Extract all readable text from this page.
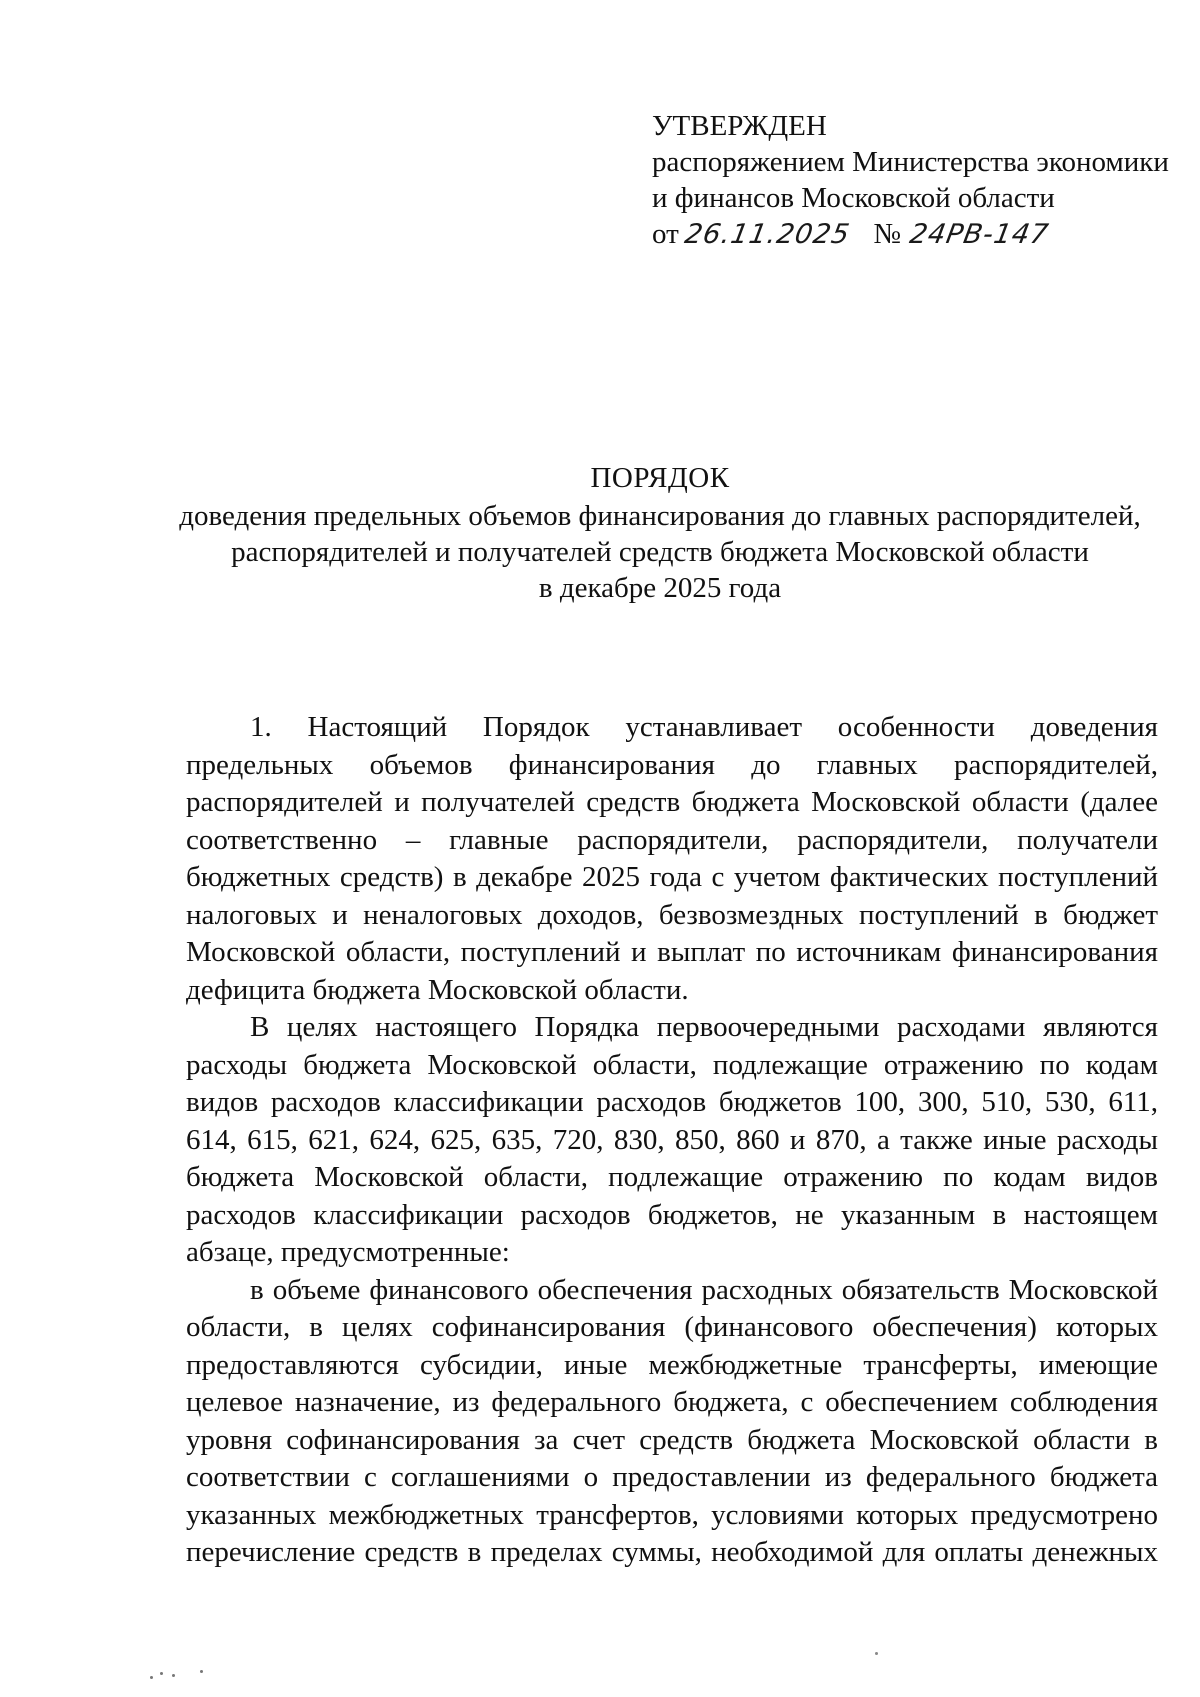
УТВЕРЖДЕН
распоряжением Министерства экономики
и финансов Московской области
от 26.11.2025 № 24РВ-147
ПОРЯДОК
доведения предельных объемов финансирования до главных распорядителей,
распорядителей и получателей средств бюджета Московской области
в декабре 2025 года

1. Настоящий Порядок устанавливает особенности доведения предельных объемов финансирования до главных распорядителей, распорядителей и получателей средств бюджета Московской области (далее соответственно – главные распорядители, распорядители, получатели бюджетных средств) в декабре 2025 года с учетом фактических поступлений налоговых и неналоговых доходов, безвозмездных поступлений в бюджет Московской области, поступлений и выплат по источникам финансирования дефицита бюджета Московской области.

В целях настоящего Порядка первоочередными расходами являются расходы бюджета Московской области, подлежащие отражению по кодам видов расходов классификации расходов бюджетов 100, 300, 510, 530, 611, 614, 615, 621, 624, 625, 635, 720, 830, 850, 860 и 870, а также иные расходы бюджета Московской области, подлежащие отражению по кодам видов расходов классификации расходов бюджетов, не указанным в настоящем абзаце, предусмотренные:

в объеме финансового обеспечения расходных обязательств Московской области, в целях софинансирования (финансового обеспечения) которых предоставляются субсидии, иные межбюджетные трансферты, имеющие целевое назначение, из федерального бюджета, с обеспечением соблюдения уровня софинансирования за счет средств бюджета Московской области в соответствии с соглашениями о предоставлении из федерального бюджета указанных межбюджетных трансфертов, условиями которых предусмотрено перечисление средств в пределах суммы, необходимой для оплаты денежных
